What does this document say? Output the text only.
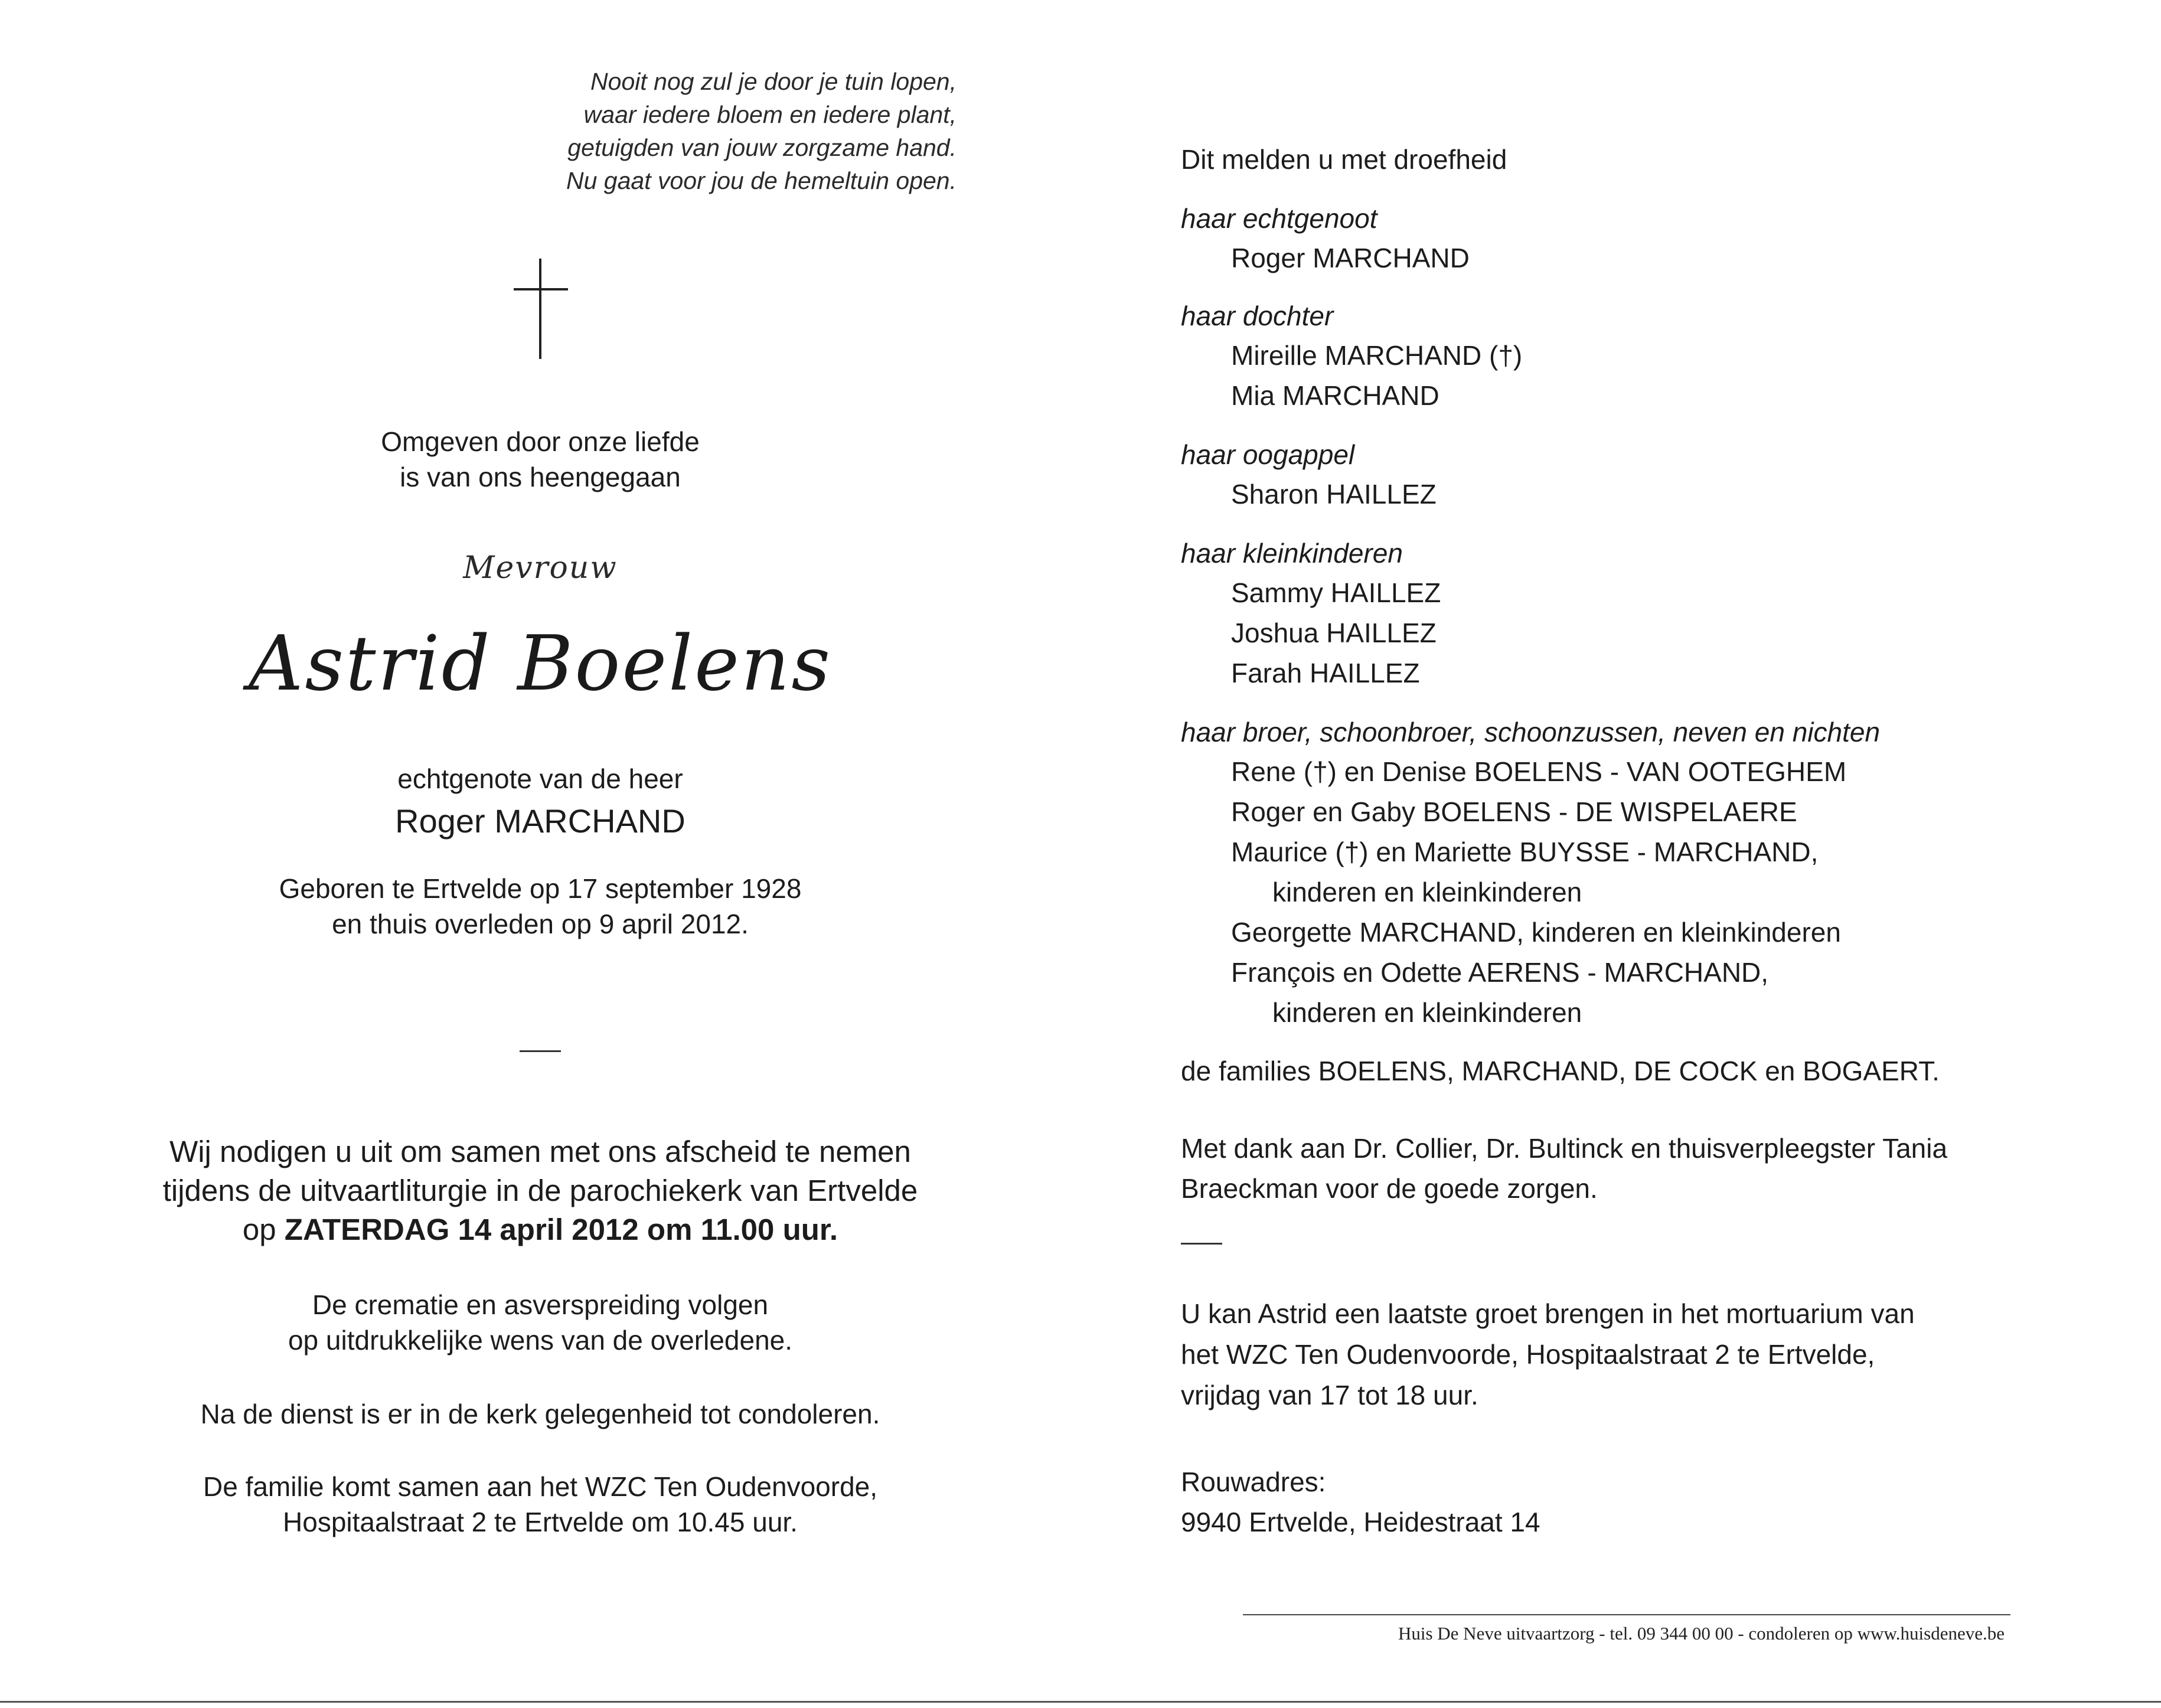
Nooit nog zul je door je tuin lopen,
waar iedere bloem en iedere plant,
getuigden van jouw zorgzame hand.
Nu gaat voor jou de hemeltuin open.
Omgeven door onze liefde
is van ons heengegaan
Mevrouw
Astrid Boelens
echtgenote van de heer
Roger MARCHAND
Geboren te Ertvelde op 17 september 1928
en thuis overleden op 9 april 2012.
Wij nodigen u uit om samen met ons afscheid te nemen
tijdens de uitvaartliturgie in de parochiekerk van Ertvelde
op ZATERDAG 14 april 2012 om 11.00 uur.
De crematie en asverspreiding volgen
op uitdrukkelijke wens van de overledene.
Na de dienst is er in de kerk gelegenheid tot condoleren.
De familie komt samen aan het WZC Ten Oudenvoorde,
Hospitaalstraat 2 te Ertvelde om 10.45 uur.
Dit melden u met droefheid
haar echtgenoot
Roger MARCHAND
haar dochter
Mireille MARCHAND (†)
Mia MARCHAND
haar oogappel
Sharon HAILLEZ
haar kleinkinderen
Sammy HAILLEZ
Joshua HAILLEZ
Farah HAILLEZ
haar broer, schoonbroer, schoonzussen, neven en nichten
Rene (†) en Denise BOELENS - VAN OOTEGHEM
Roger en Gaby BOELENS - DE WISPELAERE
Maurice (†) en Mariette BUYSSE - MARCHAND,
kinderen en kleinkinderen
Georgette MARCHAND, kinderen en kleinkinderen
François en Odette AERENS - MARCHAND,
kinderen en kleinkinderen
de families BOELENS, MARCHAND, DE COCK en BOGAERT.
Met dank aan Dr. Collier, Dr. Bultinck en thuisverpleegster Tania
Braeckman voor de goede zorgen.
U kan Astrid een laatste groet brengen in het mortuarium van
het WZC Ten Oudenvoorde, Hospitaalstraat 2 te Ertvelde,
vrijdag van 17 tot 18 uur.
Rouwadres:
9940 Ertvelde, Heidestraat 14
Huis De Neve uitvaartzorg - tel. 09 344 00 00 - condoleren op www.huisdeneve.be
